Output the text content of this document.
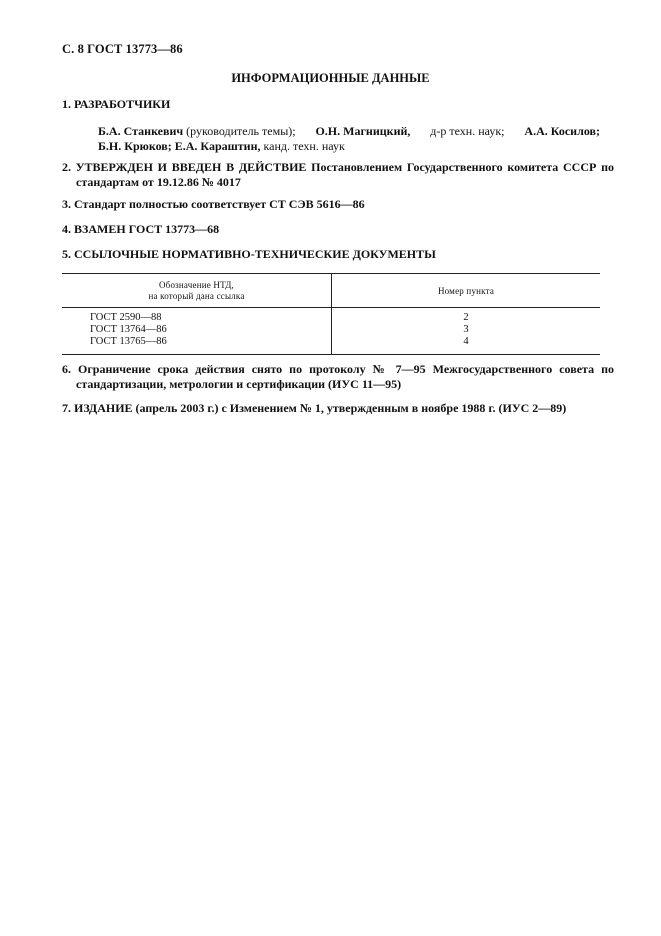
С. 8 ГОСТ 13773—86
ИНФОРМАЦИОННЫЕ ДАННЫЕ
1. РАЗРАБОТЧИКИ
Б.А. Станкевич (руководитель темы); О.Н. Магницкий, д-р техн. наук; А.А. Косилов;
Б.Н. Крюков; Е.А. Караштин, канд. техн. наук
2. УТВЕРЖДЕН И ВВЕДЕН В ДЕЙСТВИЕ Постановлением Государственного комитета СССР по стандартам от 19.12.86 № 4017
3. Стандарт полностью соответствует СТ СЭВ 5616—86
4. ВЗАМЕН ГОСТ 13773—68
5. ССЫЛОЧНЫЕ НОРМАТИВНО-ТЕХНИЧЕСКИЕ ДОКУМЕНТЫ
Обозначение НТД,
на который дана ссылка	Номер пункта
ГОСТ 2590—88
ГОСТ 13764—86
ГОСТ 13765—86
2
3
4
6. Ограничение срока действия снято по протоколу № 7—95 Межгосударственного совета по стандартизации, метрологии и сертификации (ИУС 11—95)
7. ИЗДАНИЕ (апрель 2003 г.) с Изменением № 1, утвержденным в ноябре 1988 г. (ИУС 2—89)
